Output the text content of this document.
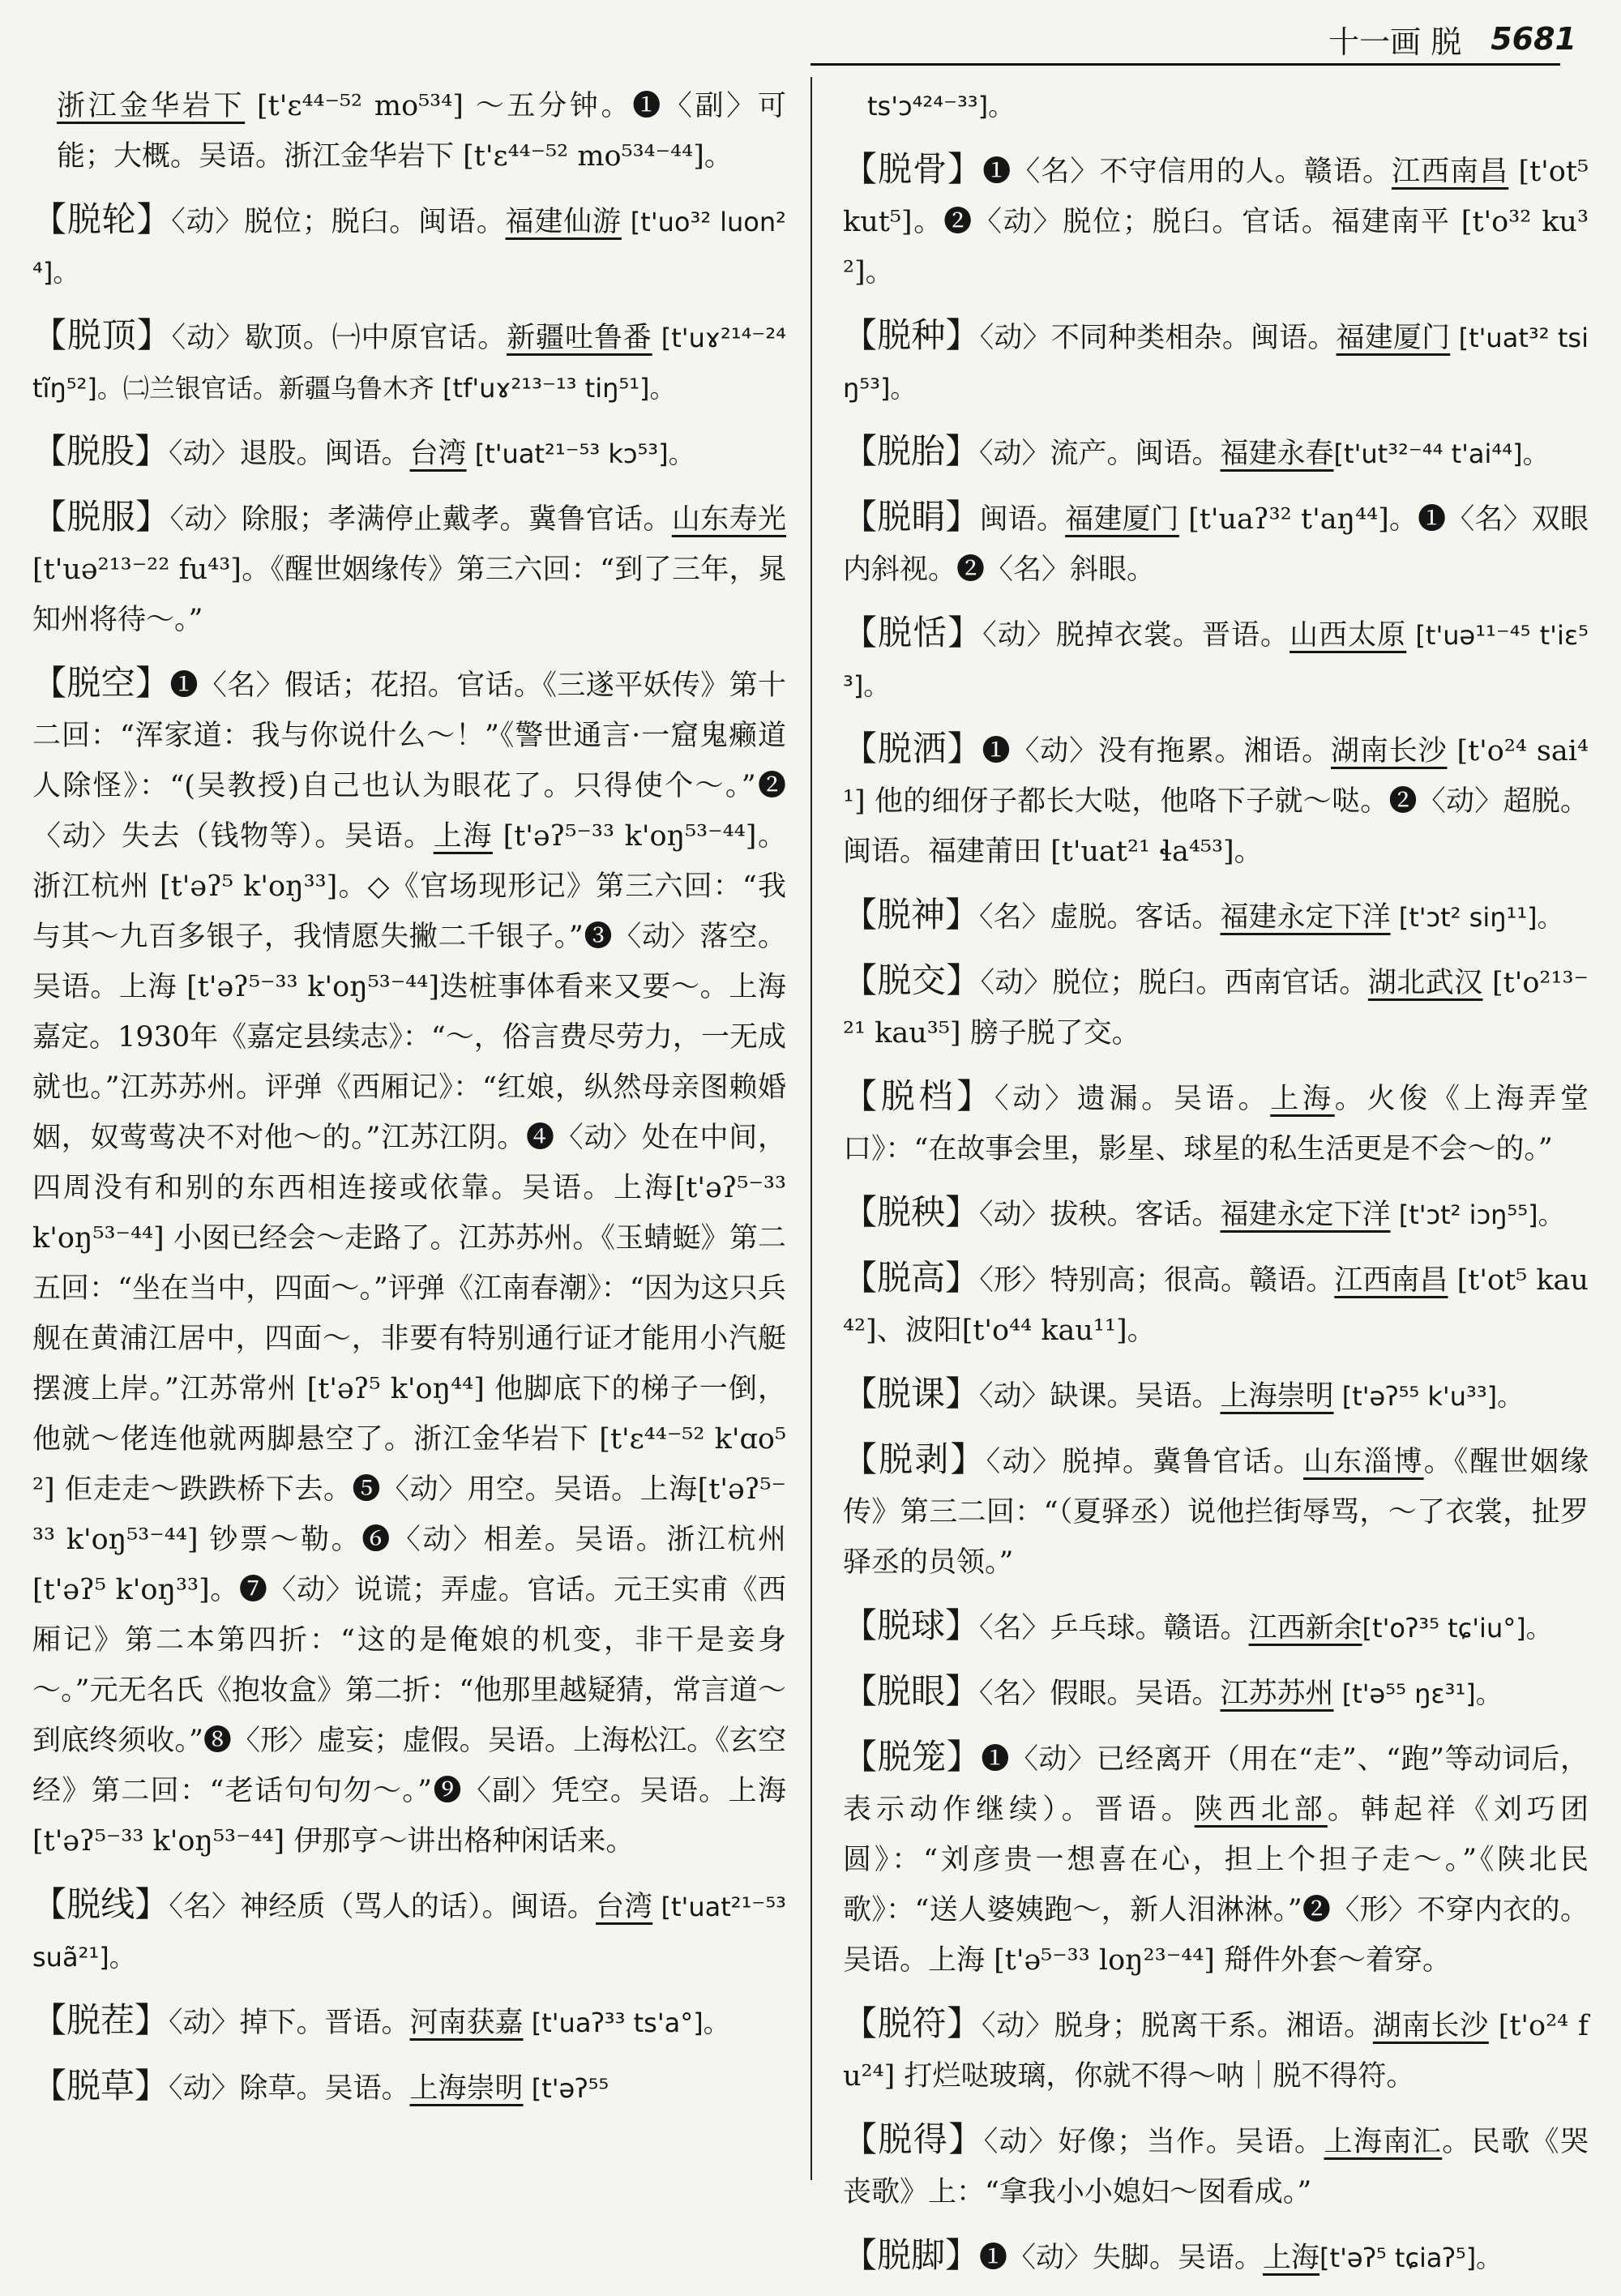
十一画 脱 5681

浙江金华岩下 [t'ɛ⁴⁴⁻⁵² mo⁵³⁴] ～五分钟。❶〈副〉可能；大概。吴语。浙江金华岩下 [t'ɛ⁴⁴⁻⁵² mo⁵³⁴⁻⁴⁴]。

【脱轮】〈动〉脱位；脱臼。闽语。福建仙游 [t'uo³² luon²⁴]。

【脱顶】〈动〉歇顶。㈠中原官话。新疆吐鲁番 [t'uɤ²¹⁴⁻²⁴ tĩŋ⁵²]。㈡兰银官话。新疆乌鲁木齐 [tf'uɤ²¹³⁻¹³ tiŋ⁵¹]。

【脱股】〈动〉退股。闽语。台湾 [t'uat²¹⁻⁵³ kɔ⁵³]。

【脱服】〈动〉除服；孝满停止戴孝。冀鲁官话。山东寿光 [t'uə²¹³⁻²² fu⁴³]。《醒世姻缘传》第三六回：“到了三年，晁知州将待～。”

【脱空】❶〈名〉假话；花招。官话。《三遂平妖传》第十二回：“浑家道：我与你说什么～！”《警世通言·一窟鬼癞道人除怪》：“(吴教授)自己也认为眼花了。只得使个～。”❷〈动〉失去（钱物等）。吴语。上海 [t'əʔ⁵⁻³³ k'oŋ⁵³⁻⁴⁴]。浙江杭州 [t'əʔ⁵ k'oŋ³³]。◇《官场现形记》第三六回：“我与其～九百多银子，我情愿失撇二千银子。”❸〈动〉落空。吴语。上海 [t'əʔ⁵⁻³³ k'oŋ⁵³⁻⁴⁴]迭桩事体看来又要～。上海嘉定。1930年《嘉定县续志》：“～，俗言费尽劳力，一无成就也。”江苏苏州。评弹《西厢记》：“红娘，纵然母亲图赖婚姻，奴莺莺决不对他～的。”江苏江阴。❹〈动〉处在中间，四周没有和别的东西相连接或依靠。吴语。上海[t'əʔ⁵⁻³³ k'oŋ⁵³⁻⁴⁴] 小囡已经会～走路了。江苏苏州。《玉蜻蜓》第二五回：“坐在当中，四面～。”评弹《江南春潮》：“因为这只兵舰在黄浦江居中，四面～，非要有特别通行证才能用小汽艇摆渡上岸。”江苏常州 [t'əʔ⁵ k'oŋ⁴⁴] 他脚底下的梯子一倒，他就～佬连他就两脚悬空了。浙江金华岩下 [t'ɛ⁴⁴⁻⁵² k'ɑo⁵²] 佢走走～跌跌桥下去。❺〈动〉用空。吴语。上海[t'əʔ⁵⁻³³ k'oŋ⁵³⁻⁴⁴] 钞票～勒。❻〈动〉相差。吴语。浙江杭州 [t'əʔ⁵ k'oŋ³³]。❼〈动〉说谎；弄虚。官话。元王实甫《西厢记》第二本第四折：“这的是俺娘的机变，非干是妾身～。”元无名氏《抱妆盒》第二折：“他那里越疑猜，常言道～到底终须收。”❽〈形〉虚妄；虚假。吴语。上海松江。《玄空经》第二回：“老话句句勿～。”❾〈副〉凭空。吴语。上海 [t'əʔ⁵⁻³³ k'oŋ⁵³⁻⁴⁴] 伊那亨～讲出格种闲话来。

【脱线】〈名〉神经质（骂人的话）。闽语。台湾 [t'uat²¹⁻⁵³ suã²¹]。

【脱茬】〈动〉掉下。晋语。河南获嘉 [t'uaʔ³³ ts'a°]。

【脱草】〈动〉除草。吴语。上海崇明 [t'əʔ⁵⁵

ts'ɔ⁴²⁴⁻³³]。

【脱骨】❶〈名〉不守信用的人。赣语。江西南昌 [t'ot⁵ kut⁵]。❷〈动〉脱位；脱臼。官话。福建南平 [t'o³² ku³²]。

【脱种】〈动〉不同种类相杂。闽语。福建厦门 [t'uat³² tsiŋ⁵³]。

【脱胎】〈动〉流产。闽语。福建永春[t'ut³²⁻⁴⁴ t'ai⁴⁴]。

【脱睊】闽语。福建厦门 [t'uaʔ³² t'aŋ⁴⁴]。❶〈名〉双眼内斜视。❷〈名〉斜眼。

【脱恬】〈动〉脱掉衣裳。晋语。山西太原 [t'uə¹¹⁻⁴⁵ t'iɛ⁵³]。

【脱洒】❶〈动〉没有拖累。湘语。湖南长沙 [t'o²⁴ sai⁴¹] 他的细伢子都长大哒，他咯下子就～哒。❷〈动〉超脱。闽语。福建莆田 [t'uat²¹ ɬa⁴⁵³]。

【脱神】〈名〉虚脱。客话。福建永定下洋 [t'ɔt² siŋ¹¹]。

【脱交】〈动〉脱位；脱臼。西南官话。湖北武汉 [t'o²¹³⁻²¹ kau³⁵] 膀子脱了交。

【脱档】〈动〉遗漏。吴语。上海。火俊《上海弄堂口》：“在故事会里，影星、球星的私生活更是不会～的。”

【脱秧】〈动〉拔秧。客话。福建永定下洋 [t'ɔt² iɔŋ⁵⁵]。

【脱高】〈形〉特别高；很高。赣语。江西南昌 [t'ot⁵ kau⁴²]、波阳[t'o⁴⁴ kau¹¹]。

【脱课】〈动〉缺课。吴语。上海崇明 [t'əʔ⁵⁵ k'u³³]。

【脱剥】〈动〉脱掉。冀鲁官话。山东淄博。《醒世姻缘传》第三二回：“（夏驿丞）说他拦街辱骂，～了衣裳，扯罗驿丞的员领。”

【脱球】〈名〉乒乓球。赣语。江西新余[t'oʔ³⁵ tɕ'iu°]。

【脱眼】〈名〉假眼。吴语。江苏苏州 [t'ə⁵⁵ ŋɛ³¹]。

【脱笼】❶〈动〉已经离开（用在“走”、“跑”等动词后，表示动作继续）。晋语。陕西北部。韩起祥《刘巧团圆》：“刘彦贵一想喜在心，担上个担子走～。”《陕北民歌》：“送人婆姨跑～，新人泪淋淋。”❷〈形〉不穿内衣的。吴语。上海 [t'ə⁵⁻³³ loŋ²³⁻⁴⁴] 搿件外套～着穿。

【脱符】〈动〉脱身；脱离干系。湘语。湖南长沙 [t'o²⁴ fu²⁴] 打烂哒玻璃，你就不得～呐｜脱不得符。

【脱得】〈动〉好像；当作。吴语。上海南汇。民歌《哭丧歌》上：“拿我小小媳妇～囡看成。”

【脱脚】❶〈动〉失脚。吴语。上海[t'əʔ⁵ tɕiaʔ⁵]。
